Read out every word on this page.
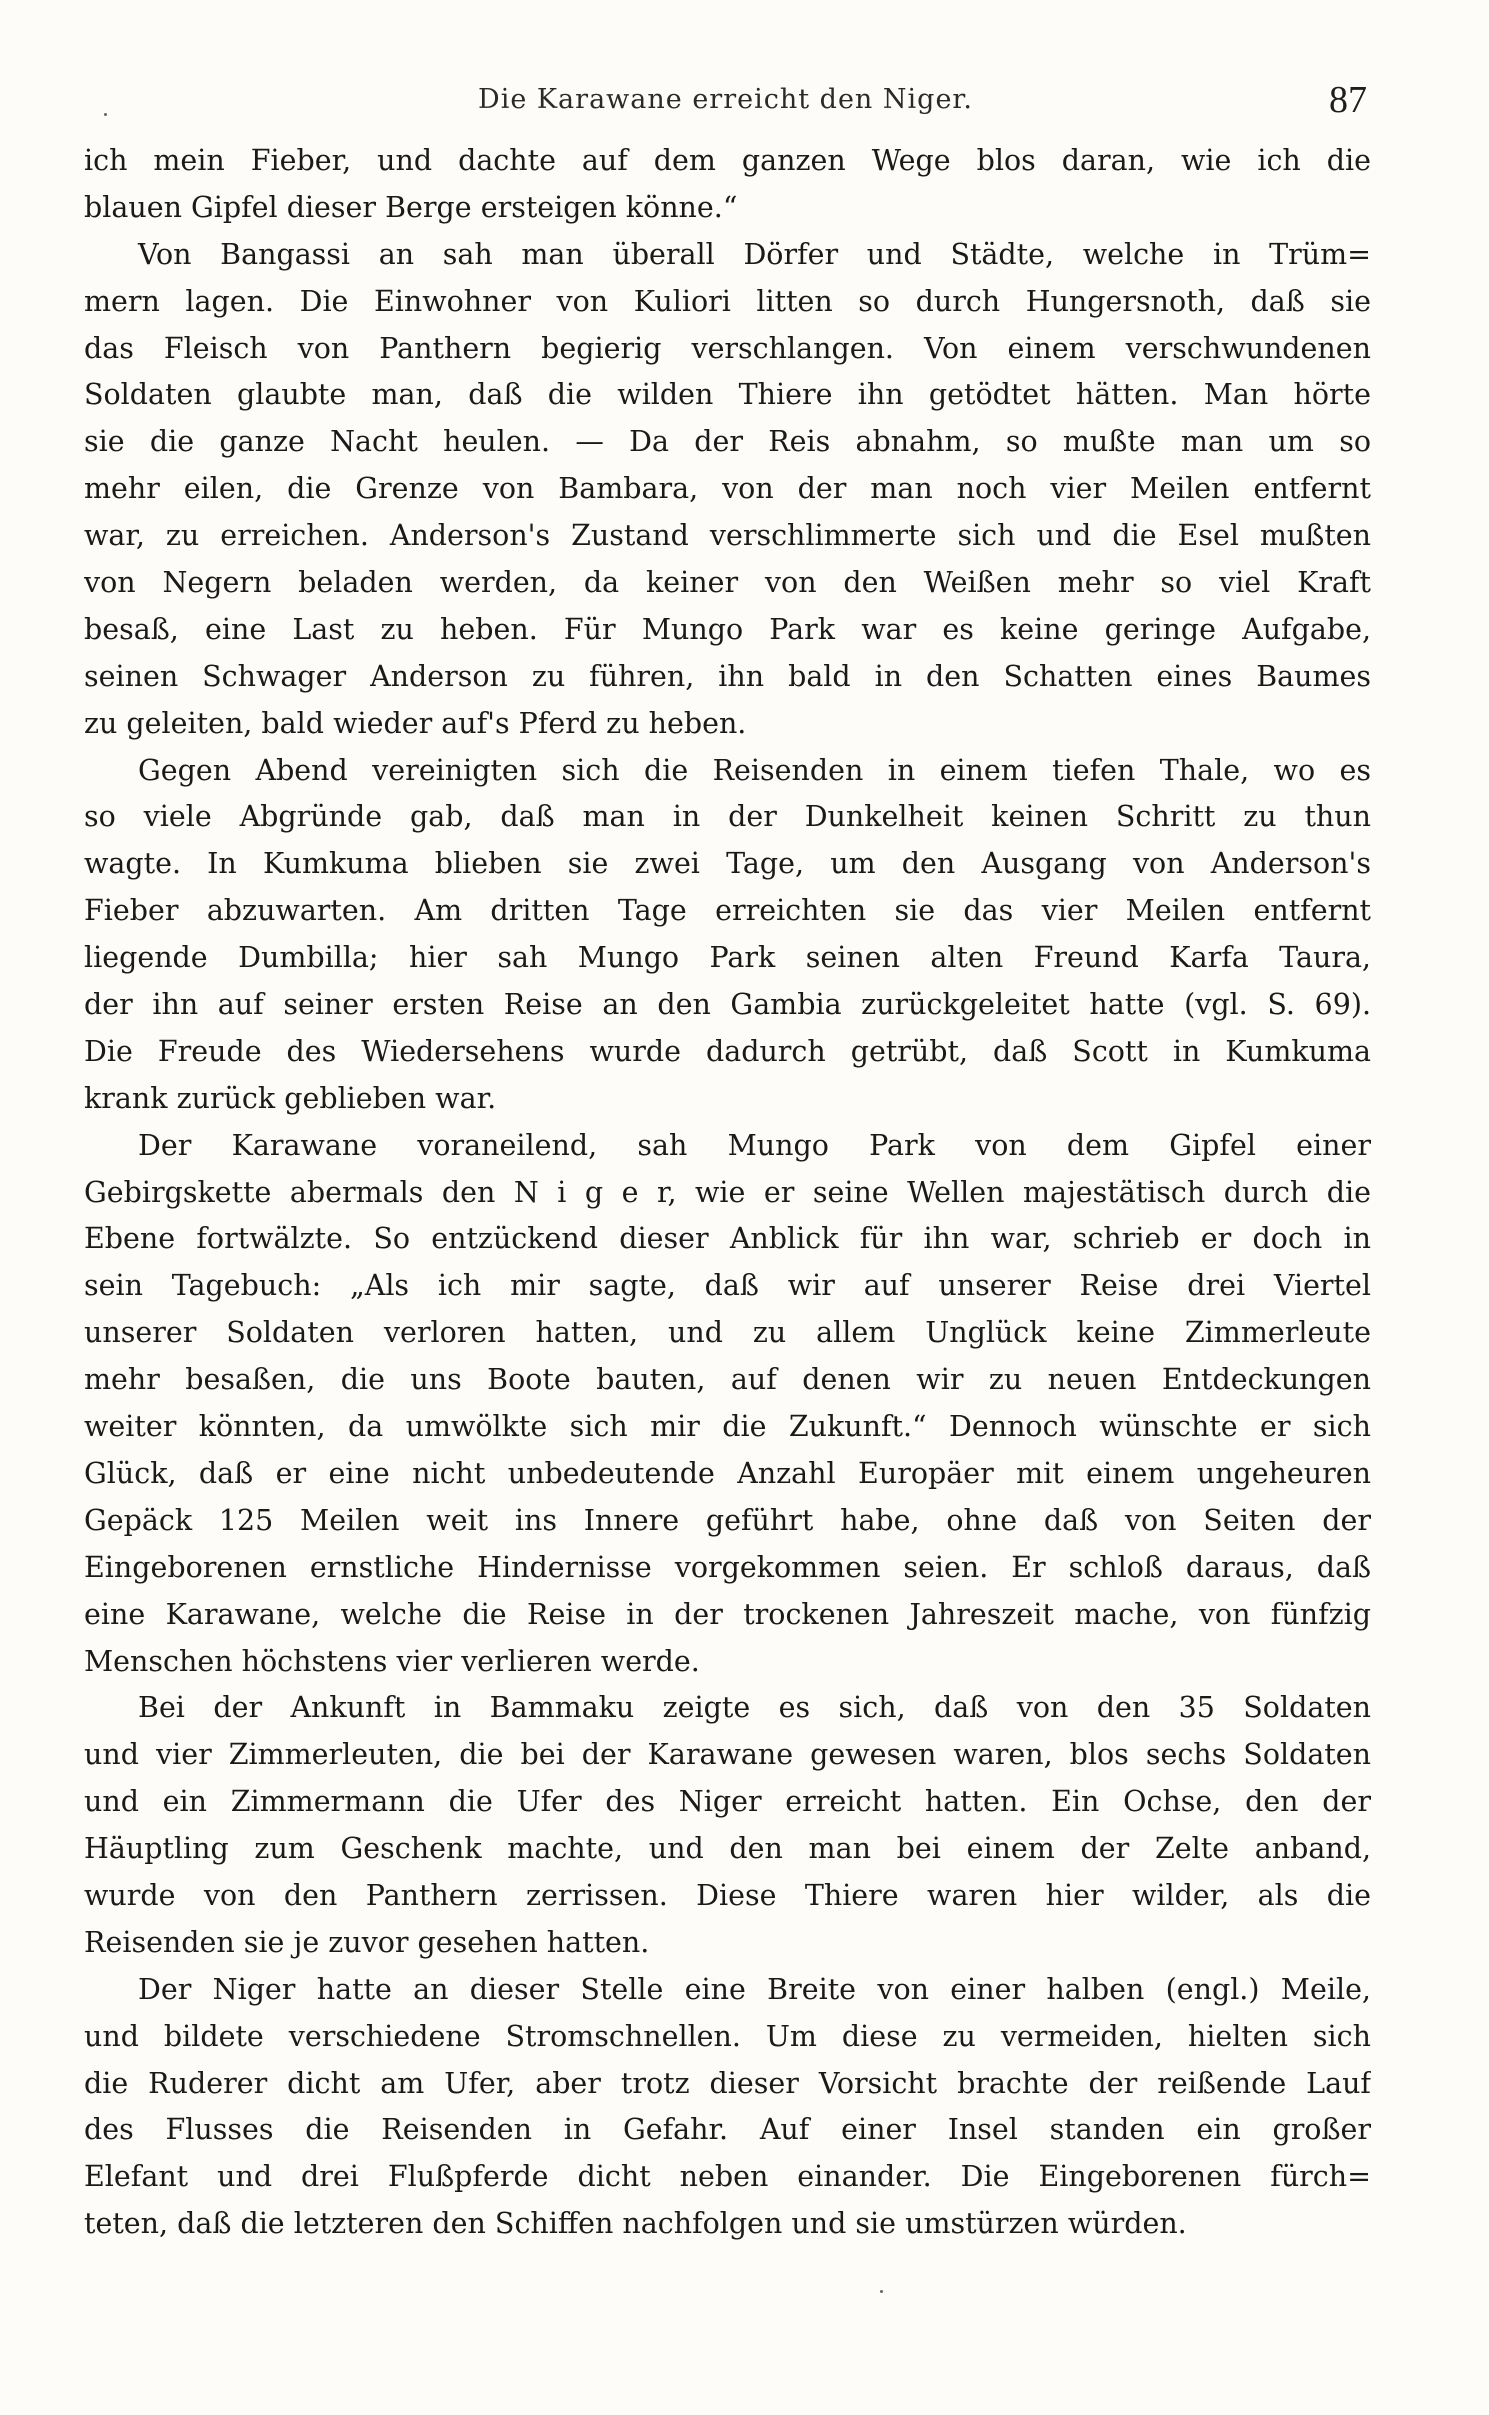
Die Karawane erreicht den Niger.	87
ich mein Fieber, und dachte auf dem ganzen Wege blos daran, wie ich die
blauen Gipfel dieser Berge ersteigen könne.“
Von Bangassi an sah man überall Dörfer und Städte, welche in Trüm=
mern lagen. Die Einwohner von Kuliori litten so durch Hungersnoth, daß sie
das Fleisch von Panthern begierig verschlangen. Von einem verschwundenen
Soldaten glaubte man, daß die wilden Thiere ihn getödtet hätten. Man hörte
sie die ganze Nacht heulen. — Da der Reis abnahm, so mußte man um so
mehr eilen, die Grenze von Bambara, von der man noch vier Meilen entfernt
war, zu erreichen. Anderson's Zustand verschlimmerte sich und die Esel mußten
von Negern beladen werden, da keiner von den Weißen mehr so viel Kraft
besaß, eine Last zu heben. Für Mungo Park war es keine geringe Aufgabe,
seinen Schwager Anderson zu führen, ihn bald in den Schatten eines Baumes
zu geleiten, bald wieder auf's Pferd zu heben.
Gegen Abend vereinigten sich die Reisenden in einem tiefen Thale, wo es
so viele Abgründe gab, daß man in der Dunkelheit keinen Schritt zu thun
wagte. In Kumkuma blieben sie zwei Tage, um den Ausgang von Anderson's
Fieber abzuwarten. Am dritten Tage erreichten sie das vier Meilen entfernt
liegende Dumbilla; hier sah Mungo Park seinen alten Freund Karfa Taura,
der ihn auf seiner ersten Reise an den Gambia zurückgeleitet hatte (vgl. S. 69).
Die Freude des Wiedersehens wurde dadurch getrübt, daß Scott in Kumkuma
krank zurück geblieben war.
Der Karawane voraneilend, sah Mungo Park von dem Gipfel einer
Gebirgskette abermals den N i g e r, wie er seine Wellen majestätisch durch die
Ebene fortwälzte. So entzückend dieser Anblick für ihn war, schrieb er doch in
sein Tagebuch: „Als ich mir sagte, daß wir auf unserer Reise drei Viertel
unserer Soldaten verloren hatten, und zu allem Unglück keine Zimmerleute
mehr besaßen, die uns Boote bauten, auf denen wir zu neuen Entdeckungen
weiter könnten, da umwölkte sich mir die Zukunft.“ Dennoch wünschte er sich
Glück, daß er eine nicht unbedeutende Anzahl Europäer mit einem ungeheuren
Gepäck 125 Meilen weit ins Innere geführt habe, ohne daß von Seiten der
Eingeborenen ernstliche Hindernisse vorgekommen seien. Er schloß daraus, daß
eine Karawane, welche die Reise in der trockenen Jahreszeit mache, von fünfzig
Menschen höchstens vier verlieren werde.
Bei der Ankunft in Bammaku zeigte es sich, daß von den 35 Soldaten
und vier Zimmerleuten, die bei der Karawane gewesen waren, blos sechs Soldaten
und ein Zimmermann die Ufer des Niger erreicht hatten. Ein Ochse, den der
Häuptling zum Geschenk machte, und den man bei einem der Zelte anband,
wurde von den Panthern zerrissen. Diese Thiere waren hier wilder, als die
Reisenden sie je zuvor gesehen hatten.
Der Niger hatte an dieser Stelle eine Breite von einer halben (engl.) Meile,
und bildete verschiedene Stromschnellen. Um diese zu vermeiden, hielten sich
die Ruderer dicht am Ufer, aber trotz dieser Vorsicht brachte der reißende Lauf
des Flusses die Reisenden in Gefahr. Auf einer Insel standen ein großer
Elefant und drei Flußpferde dicht neben einander. Die Eingeborenen fürch=
teten, daß die letzteren den Schiffen nachfolgen und sie umstürzen würden.
